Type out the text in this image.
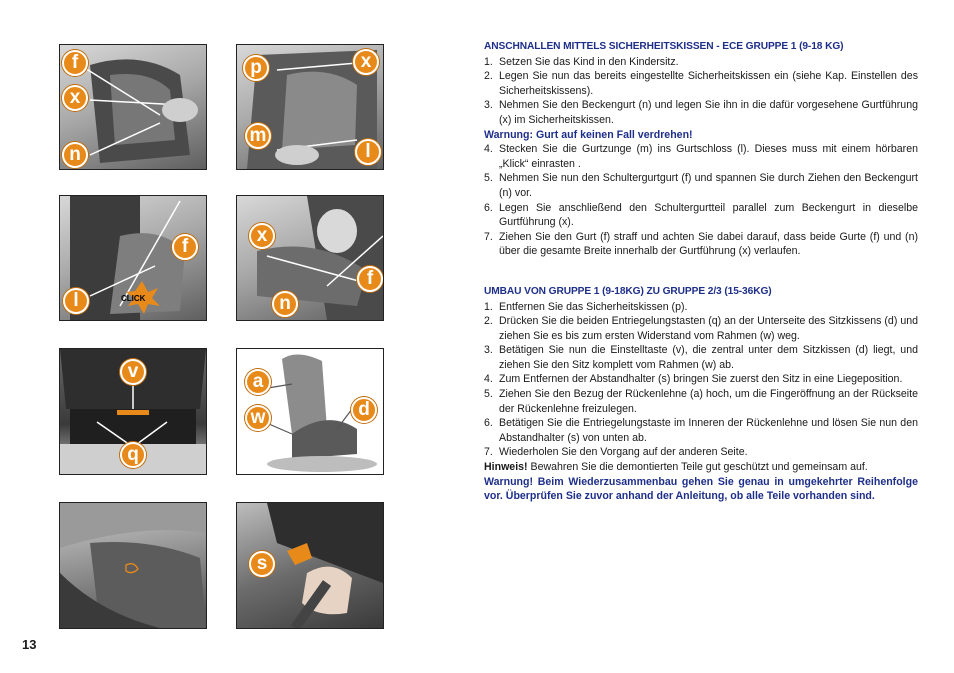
f
x
n
p	x
m
l
f
l	CLICK
x
f
n
v
q
a
w	d
s
13
ANSCHNALLEN MITTELS SICHERHEITSKISSEN - ECE GRUPPE 1 (9-18 KG)
1. Setzen Sie das Kind in den Kindersitz.
2. Legen Sie nun das bereits eingestellte Sicherheitskissen ein (siehe Kap. Einstellen des Sicherheitskissens).
3. Nehmen Sie den Beckengurt (n) und legen Sie ihn in die dafür vorgesehene Gurtführung (x) im Sicherheitskissen.
Warnung: Gurt auf keinen Fall verdrehen!
4. Stecken Sie die Gurtzunge (m) ins Gurtschloss (l). Dieses muss mit einem hörbaren „Klick“ einrasten .
5. Nehmen Sie nun den Schultergurtgurt (f) und spannen Sie durch Ziehen den Beckengurt (n) vor.
6. Legen Sie anschließend den Schultergurtteil parallel zum Beckengurt in dieselbe Gurtführung (x).
7. Ziehen Sie den Gurt (f) straff und achten Sie dabei darauf, dass beide Gurte (f) und (n) über die gesamte Breite innerhalb der Gurtführung (x) verlaufen.
UMBAU VON GRUPPE 1 (9-18KG) ZU GRUPPE 2/3 (15-36KG)
1. Entfernen Sie das Sicherheitskissen (p).
2. Drücken Sie die beiden Entriegelungstasten (q) an der Unterseite des Sitzkissens (d) und ziehen Sie es bis zum ersten Widerstand vom Rahmen (w) weg.
3. Betätigen Sie nun die Einstelltaste (v), die zentral unter dem Sitzkissen (d) liegt, und ziehen Sie den Sitz komplett vom Rahmen (w) ab.
4. Zum Entfernen der Abstandhalter (s) bringen Sie zuerst den Sitz in eine Liegeposition.
5. Ziehen Sie den Bezug der Rückenlehne (a) hoch, um die Fingeröffnung an der Rückseite der Rückenlehne freizulegen.
6. Betätigen Sie die Entriegelungstaste im Inneren der Rückenlehne und lösen Sie nun den Abstandhalter (s) von unten ab.
7. Wiederholen Sie den Vorgang auf der anderen Seite.
Hinweis! Bewahren Sie die demontierten Teile gut geschützt und gemeinsam auf.
Warnung! Beim Wiederzusammenbau gehen Sie genau in umgekehrter Reihenfolge vor. Überprüfen Sie zuvor anhand der Anleitung, ob alle Teile vorhanden sind.
